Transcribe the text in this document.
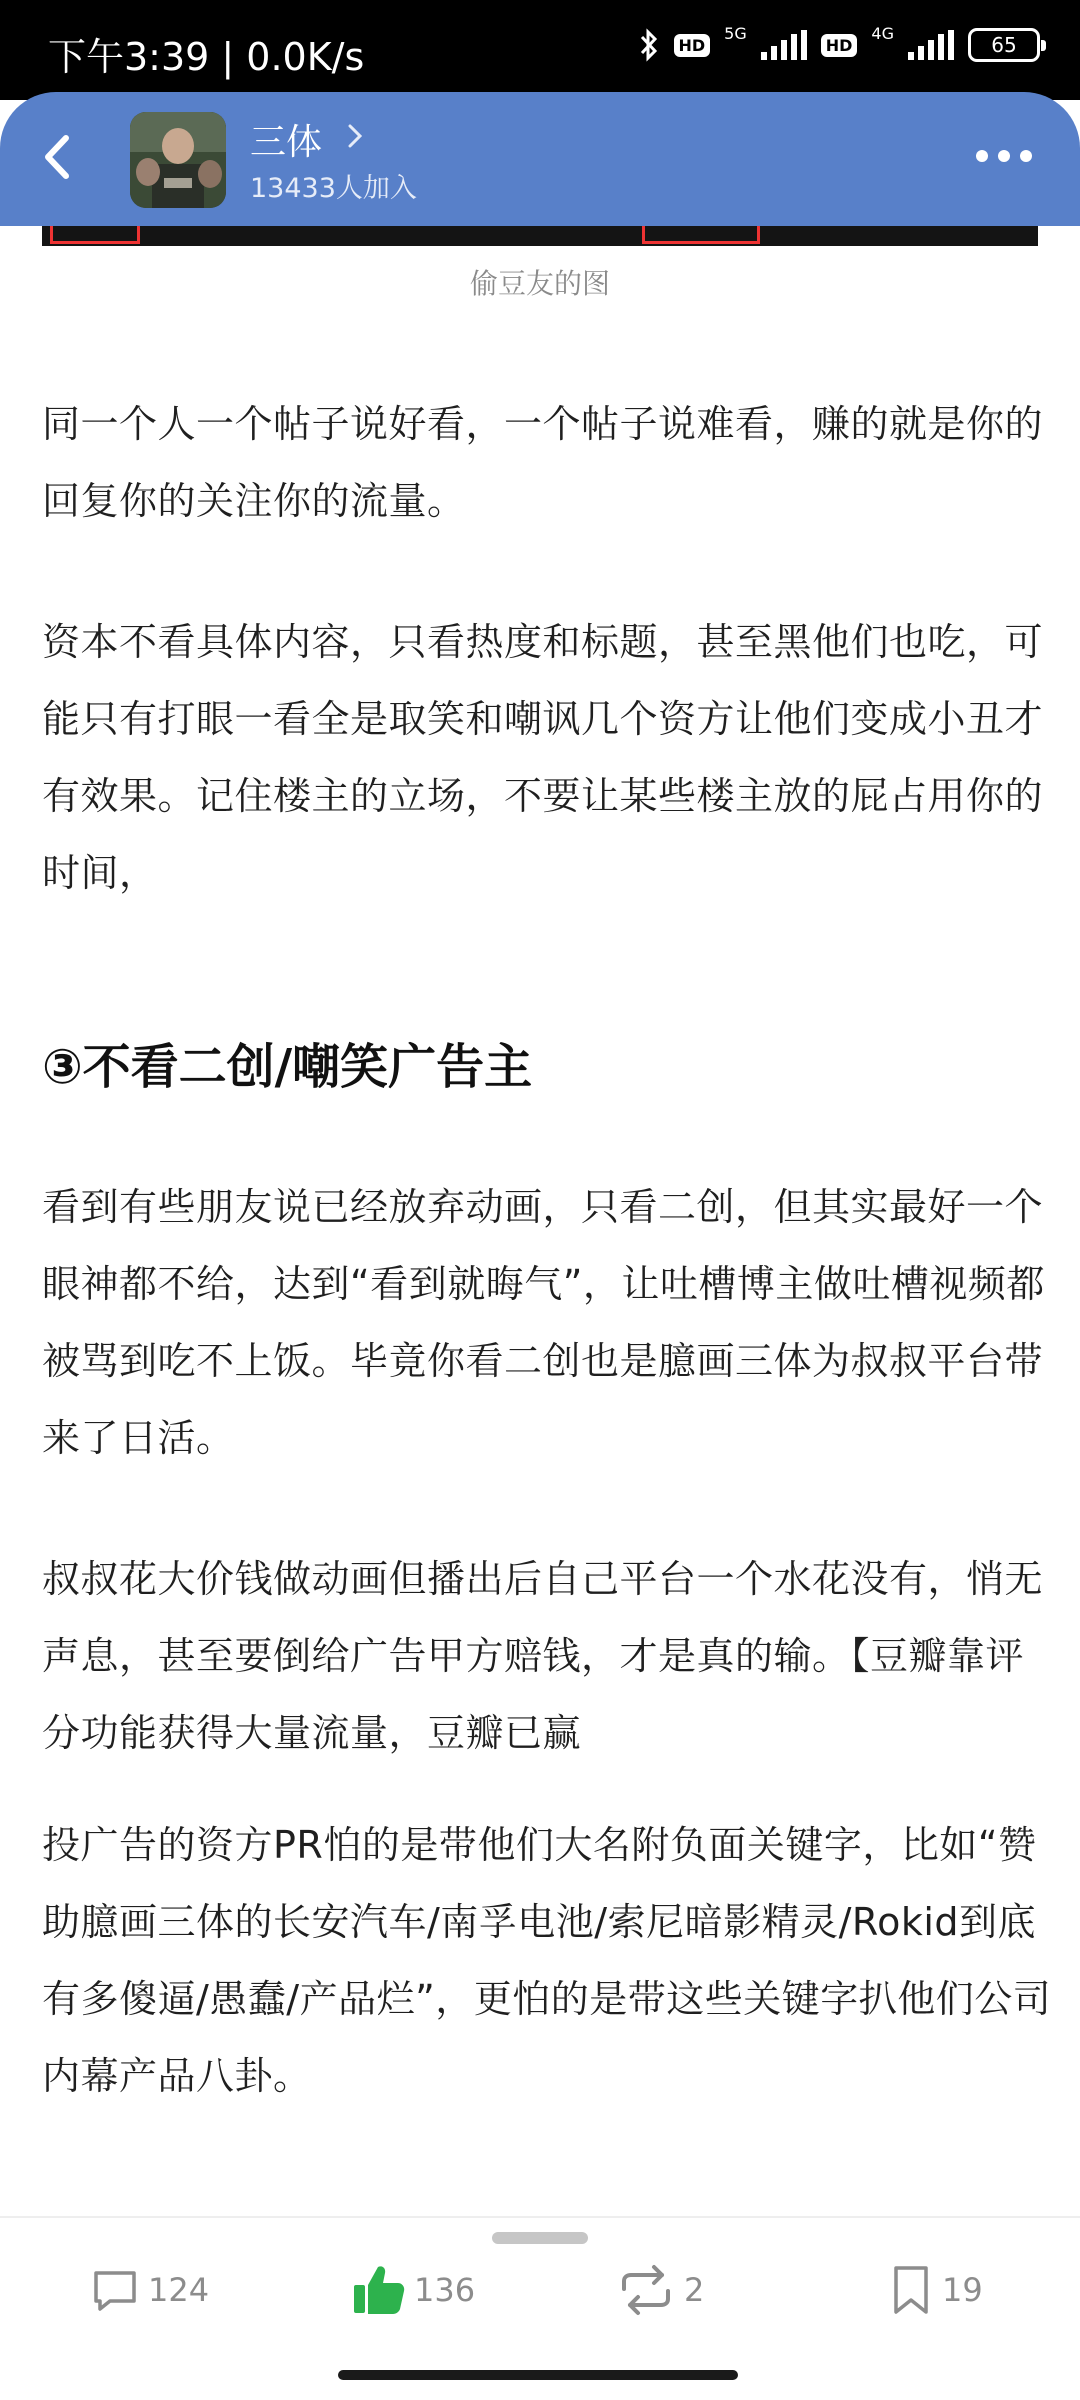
下午3:39 | 0.0K/s	HD
5G
HD
4G	65
三体
13433人加入
偷豆友的图

同一个人一个帖子说好看，一个帖子说难看，赚的就是你的回复你的关注你的流量。

资本不看具体内容，只看热度和标题，甚至黑他们也吃，可能只有打眼一看全是取笑和嘲讽几个资方让他们变成小丑才有效果。记住楼主的立场，不要让某些楼主放的屁占用你的时间，

③不看二创/嘲笑广告主

看到有些朋友说已经放弃动画，只看二创，但其实最好一个眼神都不给，达到“看到就晦气”，让吐槽博主做吐槽视频都被骂到吃不上饭。毕竟你看二创也是臆画三体为叔叔平台带来了日活。

叔叔花大价钱做动画但播出后自己平台一个水花没有，悄无声息，甚至要倒给广告甲方赔钱，才是真的输。【豆瓣靠评分功能获得大量流量，豆瓣已赢

投广告的资方PR怕的是带他们大名附负面关键字，比如“赞助臆画三体的长安汽车/南孚电池/索尼暗影精灵/Rokid到底有多傻逼/愚蠢/产品烂”，更怕的是带这些关键字扒他们公司内幕产品八卦。

124	136	2	19
